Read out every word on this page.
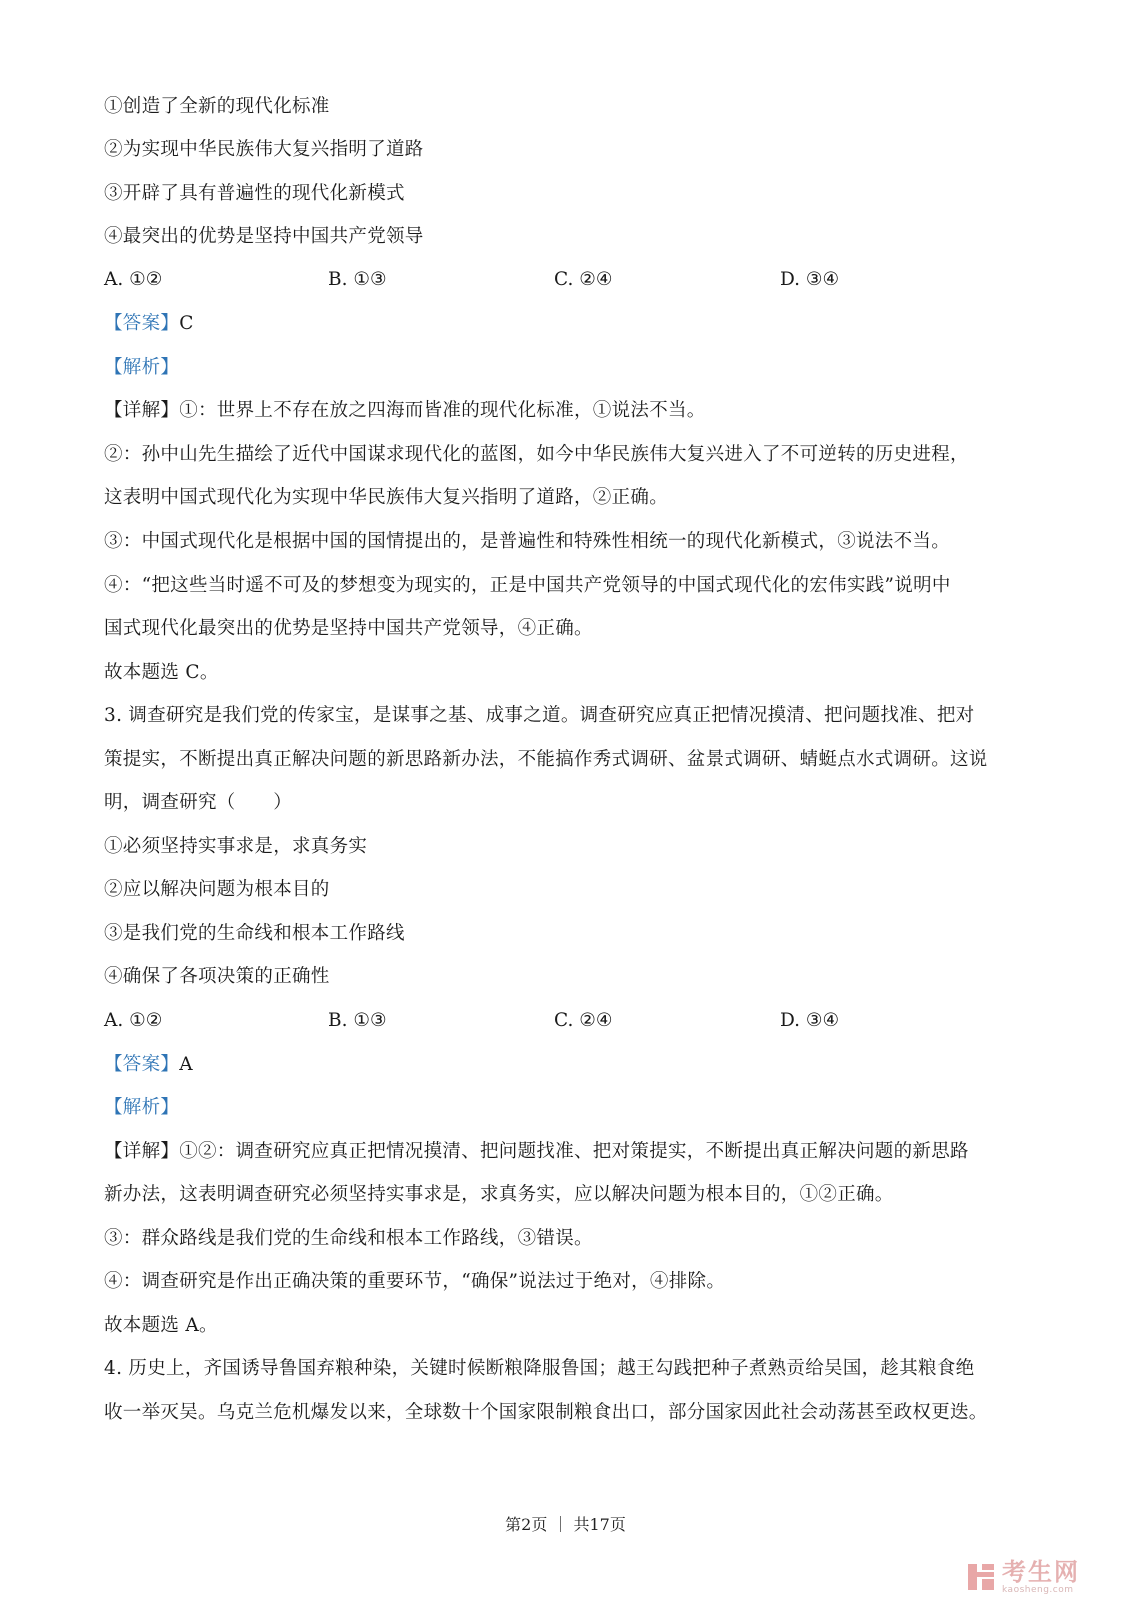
①创造了全新的现代化标准
②为实现中华民族伟大复兴指明了道路
③开辟了具有普遍性的现代化新模式
④最突出的优势是坚持中国共产党领导
A. ①②	B. ①③	C. ②④	D. ③④
【答案】C
【解析】
【详解】①：世界上不存在放之四海而皆准的现代化标准，①说法不当。
②：孙中山先生描绘了近代中国谋求现代化的蓝图，如今中华民族伟大复兴进入了不可逆转的历史进程，
这表明中国式现代化为实现中华民族伟大复兴指明了道路，②正确。
③：中国式现代化是根据中国的国情提出的，是普遍性和特殊性相统一的现代化新模式，③说法不当。
④：“把这些当时遥不可及的梦想变为现实的，正是中国共产党领导的中国式现代化的宏伟实践”说明中
国式现代化最突出的优势是坚持中国共产党领导，④正确。
故本题选 C。
3. 调查研究是我们党的传家宝，是谋事之基、成事之道。调查研究应真正把情况摸清、把问题找准、把对
策提实，不断提出真正解决问题的新思路新办法，不能搞作秀式调研、盆景式调研、蜻蜓点水式调研。这说
明，调查研究（　　）
①必须坚持实事求是，求真务实
②应以解决问题为根本目的
③是我们党的生命线和根本工作路线
④确保了各项决策的正确性
A. ①②	B. ①③	C. ②④	D. ③④
【答案】A
【解析】
【详解】①②：调查研究应真正把情况摸清、把问题找准、把对策提实，不断提出真正解决问题的新思路
新办法，这表明调查研究必须坚持实事求是，求真务实，应以解决问题为根本目的，①②正确。
③：群众路线是我们党的生命线和根本工作路线，③错误。
④：调查研究是作出正确决策的重要环节，“确保”说法过于绝对，④排除。
故本题选 A。
4. 历史上，齐国诱导鲁国弃粮种染，关键时候断粮降服鲁国；越王勾践把种子煮熟贡给吴国，趁其粮食绝
收一举灭吴。乌克兰危机爆发以来，全球数十个国家限制粮食出口，部分国家因此社会动荡甚至政权更迭。
第2页 ｜ 共17页
考生网
kaosheng.com
